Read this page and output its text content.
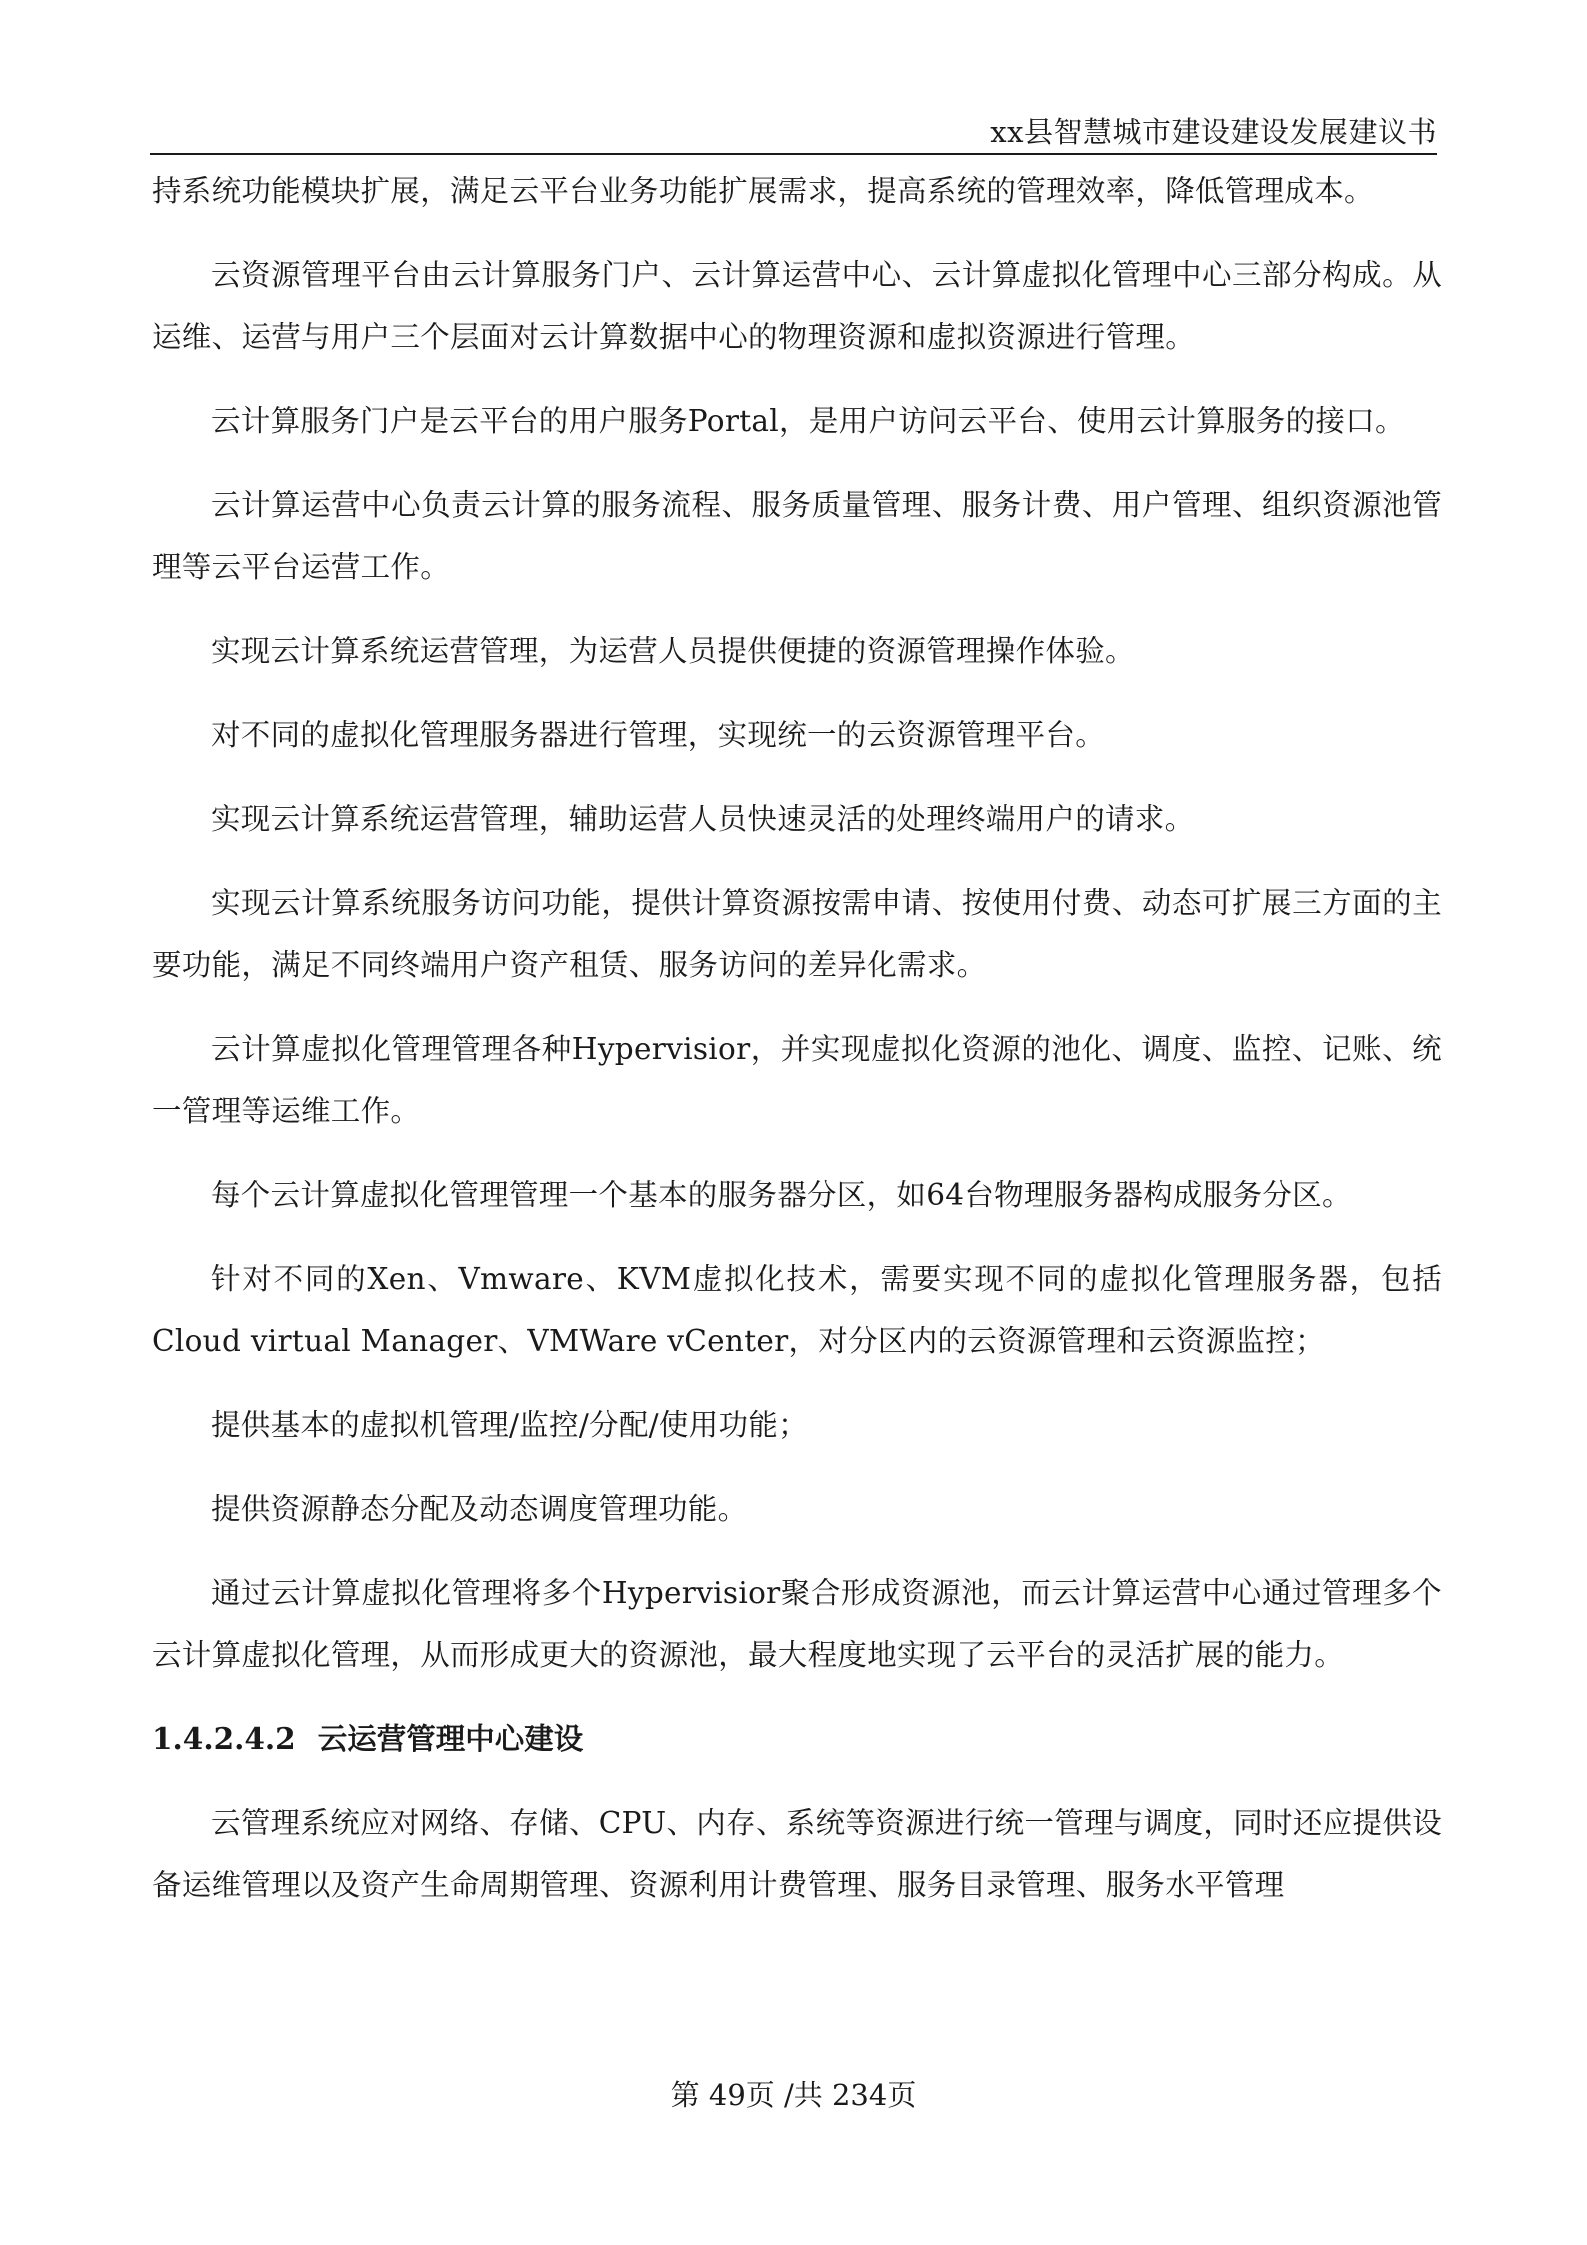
xx县智慧城市建设建设发展建议书

持系统功能模块扩展，满足云平台业务功能扩展需求，提高系统的管理效率，降低管理成本。

云资源管理平台由云计算服务门户、云计算运营中心、云计算虚拟化管理中心三部分构成。从运维、运营与用户三个层面对云计算数据中心的物理资源和虚拟资源进行管理。

云计算服务门户是云平台的用户服务Portal，是用户访问云平台、使用云计算服务的接口。

云计算运营中心负责云计算的服务流程、服务质量管理、服务计费、用户管理、组织资源池管理等云平台运营工作。

实现云计算系统运营管理，为运营人员提供便捷的资源管理操作体验。

对不同的虚拟化管理服务器进行管理，实现统一的云资源管理平台。

实现云计算系统运营管理，辅助运营人员快速灵活的处理终端用户的请求。

实现云计算系统服务访问功能，提供计算资源按需申请、按使用付费、动态可扩展三方面的主要功能，满足不同终端用户资产租赁、服务访问的差异化需求。

云计算虚拟化管理管理各种Hypervisior，并实现虚拟化资源的池化、调度、监控、记账、统一管理等运维工作。

每个云计算虚拟化管理管理一个基本的服务器分区，如64台物理服务器构成服务分区。

针对不同的Xen、Vmware、KVM虚拟化技术，需要实现不同的虚拟化管理服务器，包括Cloud virtual Manager、VMWare vCenter，对分区内的云资源管理和云资源监控；

提供基本的虚拟机管理/监控/分配/使用功能；

提供资源静态分配及动态调度管理功能。

通过云计算虚拟化管理将多个Hypervisior聚合形成资源池，而云计算运营中心通过管理多个云计算虚拟化管理，从而形成更大的资源池，最大程度地实现了云平台的灵活扩展的能力。

1.4.2.4.2 云运营管理中心建设

云管理系统应对网络、存储、CPU、内存、系统等资源进行统一管理与调度，同时还应提供设备运维管理以及资产生命周期管理、资源利用计费管理、服务目录管理、服务水平管理

第 49页 /共 234页
